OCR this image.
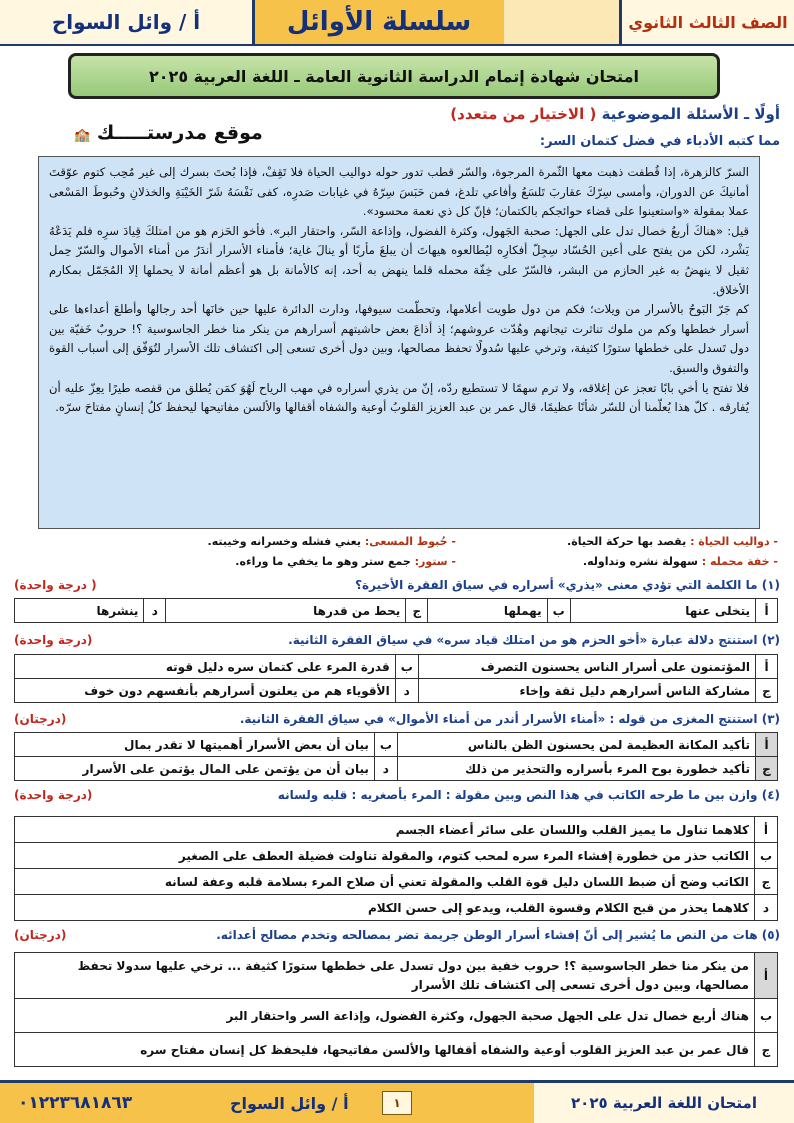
الصف الثالث الثانوي
سلسلة الأوائل
أ / وائل السواح
امتحان شهادة إتمام الدراسة الثانوية العامة ـ اللغة العربية ٢٠٢٥
أولًا ـ الأسئلة الموضوعية ( الاختيار من متعدد)
موقع مدرستـــــك 🏫	مما كتبه الأدباء في فضل كتمان السر:

السرّ كالزهرة، إذا قُطفت ذهبت معها الثّمرة المرجوة، والسّر قطب تدور حوله دواليب الحياة فلا تَقِفْ، فإذا بُحتَ بسرك إلى غير مُحِب كتوم عوّقتَ أمانيكَ عن الدوران، وأمسى سِرّكَ عقاربَ تَلسَعُ وأفاعي تلدغ، فمن حَبَسَ سِرّهُ في غيابات صَدرِه، كفى نَفْسَهُ شَرّ الخَيْبَةِ والخذلانِ وحُبوطَ المَسْعى عملا بمقولة «واستعينوا على قضاء حوائجكم بالكتمان؛ فإنّ كل ذي نعمة محسود».

قيل: «هناكَ أربعُ خصال تدل على الجهل: صحبة الجَهول، وكثرة الفضول، وإذاعة السّر، واحتقار البر». فأخو الحَزم هو من امتلكَ قِيادَ سرِه فلم يَدَعْهُ يَشْرد، لكن من يفتح على أعين الحُسّاد سِجِلّ أفكارِه ليُطالعوه هيهاتَ أن يبلغَ مأربًا أو ينالَ غاية؛ فأمناء الأسرار أندَرُ من أمناء الأموال والسّرّ حِمل ثقيل لا ينهضُ به غير الحازم من البشر، فالسّرّ على خِفّة محمله قلما ينهض به أحد، إنه كالأمانة بل هو أعظم أمانة لا يحملها إلا المُجَمّل بمكارم الأخلاق.

كم جَرّ البَوحُ بالأسرار من ويلات؛ فكم من دول طويت أعلامها، وتحطّمت سيوفها، ودارت الدائرة عليها حين خانَها أحد رجالها وأطلعَ أعداءها على أسرار خططها وكم من ملوك تناثرت تيجانهم وهُدّت عروشهم؛ إذ أذاعَ بعض حاشيتهم أسرارهم من ينكر منا خطر الجاسوسية ؟! حروبٌ خَفيّة بين دول تَسدل على خططها ستورًا كثيفة، وترخي عليها سُدولًا تحفظ مصالحها، وبين دول أخرى تسعى إلى اكتشاف تلك الأسرار لتُوَفّق إلى أسباب القوة والتفوق والسبق.

فلا تفتح يا أخي بابًا تعجز عن إغلاقه، ولا ترم سهمًا لا تستطيع ردّه، إنّ من يذري أسراره في مهب الرياح لَهُوَ كمَن يُطلق من قفصه طيرًا يعِزّ عليه أن يُفارقه . كلّ هذا يُعلّمنا أن للسّر شأنًا عظيمًا، قال عمر بن عبد العزيز القلوبُ أوعية والشفاه أقفالها والألسن مفاتيحها ليحفظ كلُ إنسانٍ مفتاحَ سرّه.

- دواليب الحياة : يقصد بها حركة الحياة.
- حُبوط المسعى: يعني فشله وخسرانه وخيبته.
- خفة محمله : سهولة نشره وتداوله.
- ستور: جمع ستر وهو ما يخفي ما وراءه.
(١) ما الكلمة التي تؤدي معنى «يذري» أسراره في سياق الفقرة الأخيرة؟
( درجة واحدة)
أ	يتخلى عنها	ب	يهملها	ج	يحط من قدرها	د	ينشرها
(٢) استنتج دلالة عبارة «أخو الحزم هو من امتلك قياد سره» في سياق الفقرة الثانية.
(درجة واحدة)
أ	المؤتمنون على أسرار الناس يحسنون التصرف	ب	قدرة المرء على كتمان سره دليل قوته
ج	مشاركة الناس أسرارهم دليل ثقة وإخاء	د	الأقوياء هم من يعلنون أسرارهم بأنفسهم دون خوف
(٣) استنتج المغزى من قوله : «أمناء الأسرار أندر من أمناء الأموال» في سياق الفقرة الثانية.
(درجتان)
أ	تأكيد المكانة العظيمة لمن يحسنون الظن بالناس	ب	بيان أن بعض الأسرار أهميتها لا تقدر بمال
ج	تأكيد خطورة بوح المرء بأسراره والتحذير من ذلك	د	بيان أن من يؤتمن على المال يؤتمن على الأسرار
(٤) وازن بين ما طرحه الكاتب في هذا النص وبين مقولة : المرء بأصغريه : قلبه ولسانه
(درجة واحدة)
أ	كلاهما تناول ما يميز القلب واللسان على سائر أعضاء الجسم
ب	الكاتب حذر من خطورة إفشاء المرء سره لمحب كتوم، والمقولة تناولت فضيلة العطف على الصغير
ج	الكاتب وضح أن ضبط اللسان دليل قوة القلب والمقولة تعني أن صلاح المرء بسلامة قلبه وعفة لسانه
د	كلاهما يحذر من قبح الكلام وقسوة القلب، ويدعو إلى حسن الكلام
(٥) هات من النص ما يُشير إلى أنّ إفشاء أسرار الوطن جريمة تضر بمصالحه وتخدم مصالح أعدائه.
(درجتان)
أ	من ينكر منا خطر الجاسوسية ؟! حروب خفية بين دول تسدل على خططها ستورًا كثيفة ... ترخي عليها سدولا تحفظ مصالحها، وبين دول أخرى تسعى إلى اكتشاف تلك الأسرار
ب	هناك أربع خصال تدل على الجهل صحبة الجهول، وكثرة الفضول، وإذاعة السر واحتقار البر
ج	قال عمر بن عبد العزيز القلوب أوعية والشفاه أقفالها والألسن مفاتيحها، فليحفظ كل إنسان مفتاح سره
امتحان اللغة العربية ٢٠٢٥
١
أ / وائل السواح
٠١٢٢٣٦٨١٨٦٣
